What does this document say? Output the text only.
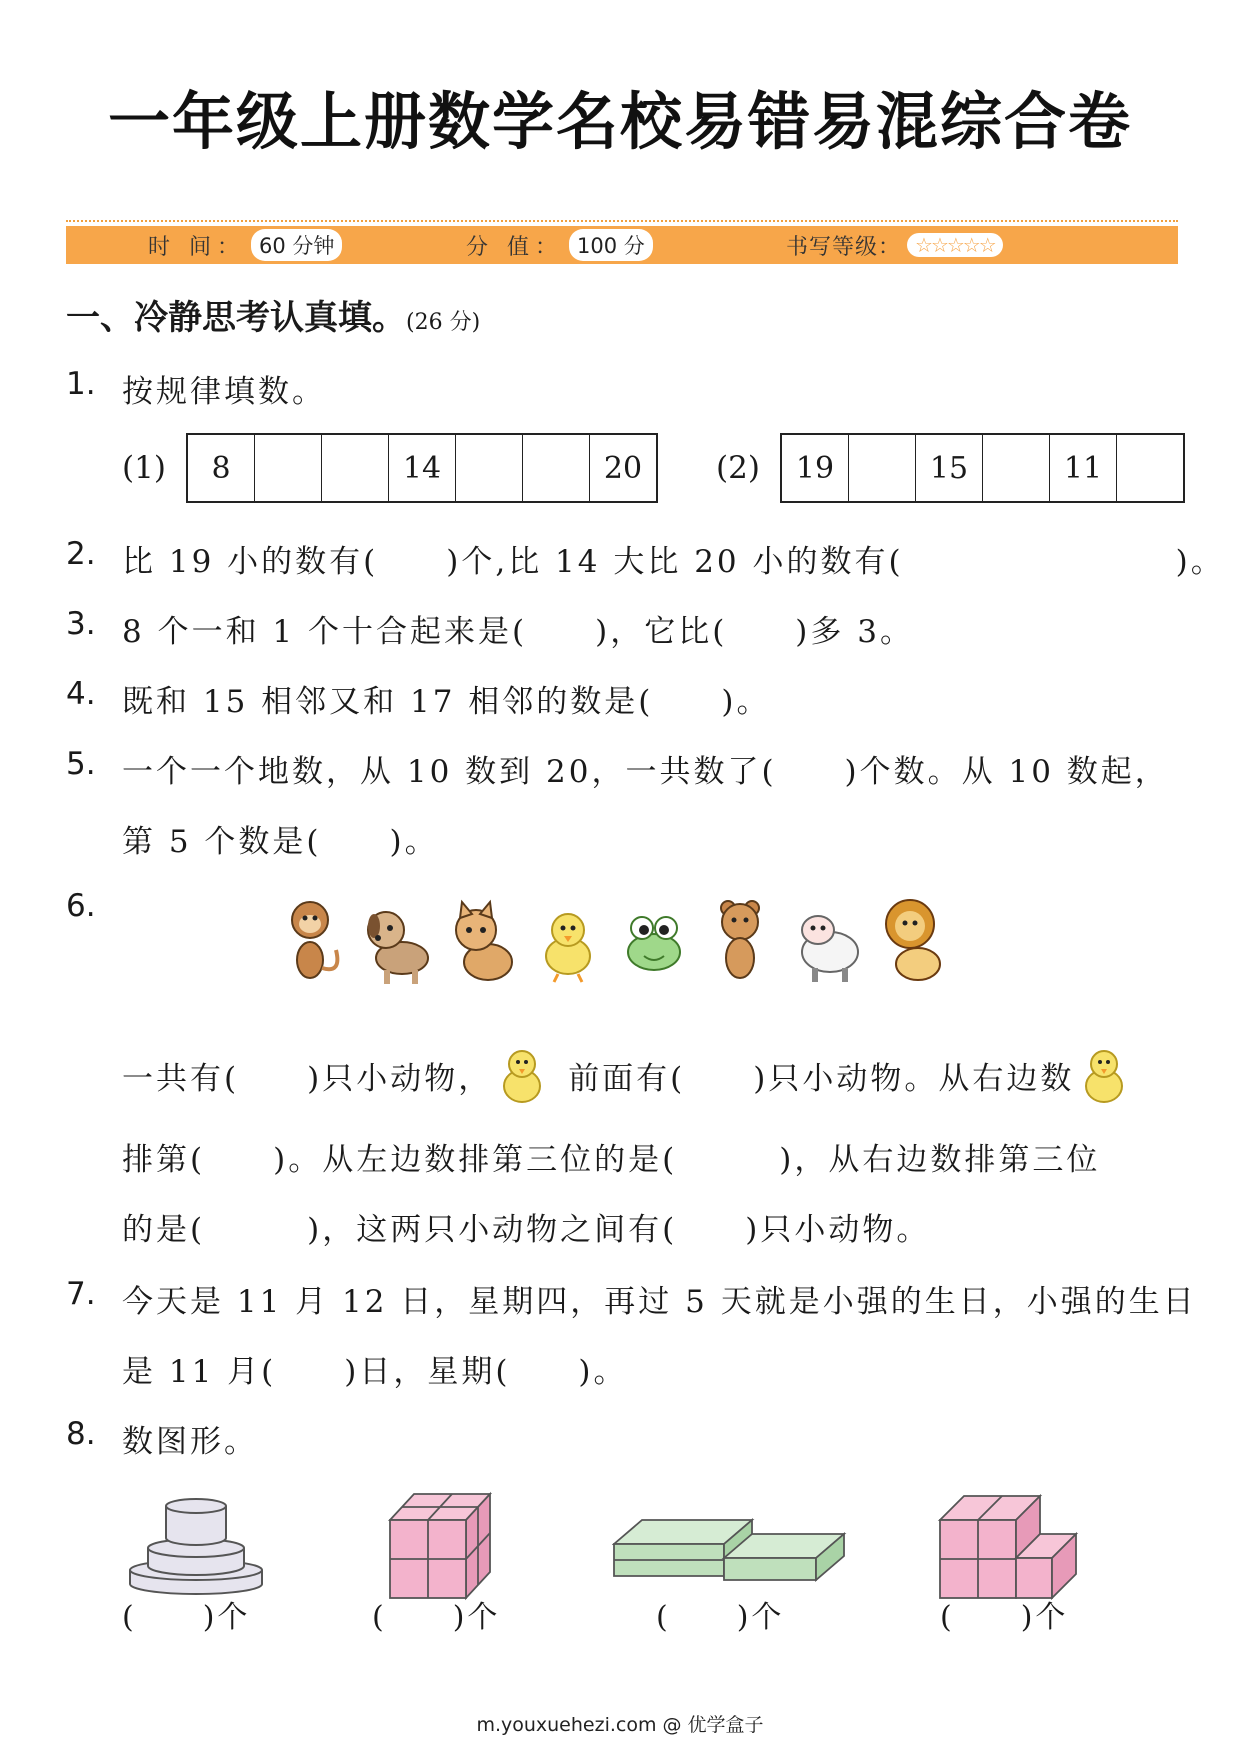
一年级上册数学名校易错易混综合卷
时 间： 60 分钟	分 值： 100 分	书写等级： ☆☆☆☆☆
一、冷静思考认真填。(26 分)
1. 按规律填数。
(1)	8	14	20	(2)	19	15	11
2. 比 19 小的数有(　　)个,比 14 大比 20 小的数有(　　　　　　　　)。
3. 8 个一和 1 个十合起来是(　　)，它比(　　)多 3。
4. 既和 15 相邻又和 17 相邻的数是(　　)。
5. 一个一个地数，从 10 数到 20，一共数了(　　)个数。从 10 数起，
第 5 个数是(　　)。
6.
一共有(　　)只小动物， 前面有(　　)只小动物。从右边数
排第(　　)。从左边数排第三位的是(　　　)，从右边数排第三位
的是(　　　)，这两只小动物之间有(　　)只小动物。
7. 今天是 11 月 12 日，星期四，再过 5 天就是小强的生日，小强的生日
是 11 月(　　)日，星期(　　)。
8. 数图形。
(　　)个	(　　)个	(　　)个	(　　)个
m.youxuehezi.com @ 优学盒子
